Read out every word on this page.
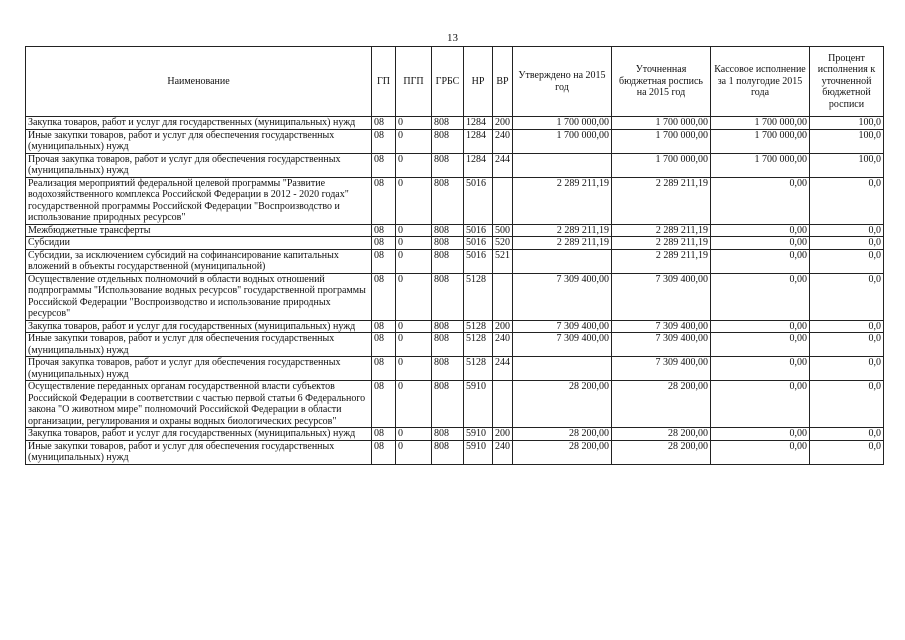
13
Наименование	ГП	ПГП	ГРБС	НР	ВР	Утверждено на 2015 год	Уточненная бюджетная роспись на 2015 год	Кассовое исполнение за 1 полугодие 2015 года	Процент исполнения к уточненной бюджетной росписи
Закупка товаров, работ и услуг для государственных (муниципальных) нужд	08	0	808	1284	200	1 700 000,00	1 700 000,00	1 700 000,00	100,0
Иные закупки товаров, работ и услуг для обеспечения государственных (муниципальных) нужд	08	0	808	1284	240	1 700 000,00	1 700 000,00	1 700 000,00	100,0
Прочая закупка товаров, работ и услуг для обеспечения государственных (муниципальных) нужд	08	0	808	1284	244		1 700 000,00	1 700 000,00	100,0
Реализация мероприятий федеральной целевой программы "Развитие водохозяйственного комплекса Российской Федерации в 2012 - 2020 годах" государственной программы Российской Федерации "Воспроизводство и использование природных ресурсов"	08	0	808	5016		2 289 211,19	2 289 211,19	0,00	0,0
Межбюджетные трансферты	08	0	808	5016	500	2 289 211,19	2 289 211,19	0,00	0,0
Субсидии	08	0	808	5016	520	2 289 211,19	2 289 211,19	0,00	0,0
Субсидии, за исключением субсидий на софинансирование капитальных вложений в объекты государственной (муниципальной)	08	0	808	5016	521		2 289 211,19	0,00	0,0
Осуществление отдельных полномочий в области водных отношений подпрограммы "Использование водных ресурсов" государственной программы Российской Федерации "Воспроизводство и использование природных ресурсов"	08	0	808	5128		7 309 400,00	7 309 400,00	0,00	0,0
Закупка товаров, работ и услуг для государственных (муниципальных) нужд	08	0	808	5128	200	7 309 400,00	7 309 400,00	0,00	0,0
Иные закупки товаров, работ и услуг для обеспечения государственных (муниципальных) нужд	08	0	808	5128	240	7 309 400,00	7 309 400,00	0,00	0,0
Прочая закупка товаров, работ и услуг для обеспечения государственных (муниципальных) нужд	08	0	808	5128	244		7 309 400,00	0,00	0,0
Осуществление переданных органам государственной власти субъектов Российской Федерации в соответствии с частью первой статьи 6 Федерального закона "О животном мире" полномочий Российской Федерации в области организации, регулирования и охраны водных биологических ресурсов"	08	0	808	5910		28 200,00	28 200,00	0,00	0,0
Закупка товаров, работ и услуг для государственных (муниципальных) нужд	08	0	808	5910	200	28 200,00	28 200,00	0,00	0,0
Иные закупки товаров, работ и услуг для обеспечения государственных (муниципальных) нужд	08	0	808	5910	240	28 200,00	28 200,00	0,00	0,0
